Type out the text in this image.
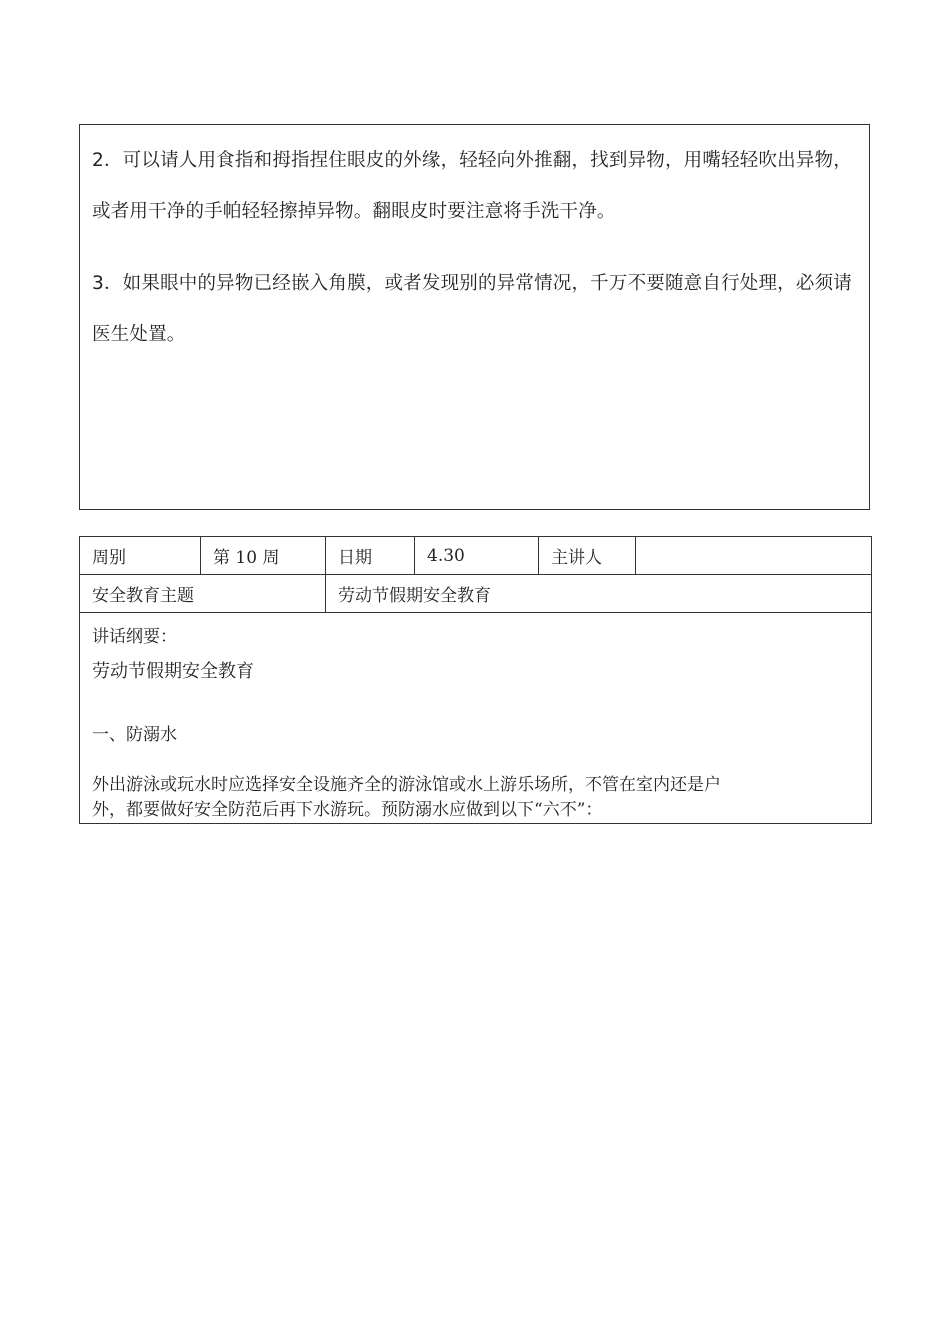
2．可以请人用食指和拇指捏住眼皮的外缘，轻轻向外推翻，找到异物，用嘴轻轻吹出异物，或者用干净的手帕轻轻擦掉异物。翻眼皮时要注意将手洗干净。
3．如果眼中的异物已经嵌入角膜，或者发现别的异常情况，千万不要随意自行处理，必须请医生处置。
周别	第 10 周	日期	4.30	主讲人	
安全教育主题		劳动节假期安全教育			

讲话纲要：
劳动节假期安全教育
一、防溺水
外出游泳或玩水时应选择安全设施齐全的游泳馆或水上游乐场所，不管在室内还是户
外，都要做好安全防范后再下水游玩。预防溺水应做到以下“六不”：					
